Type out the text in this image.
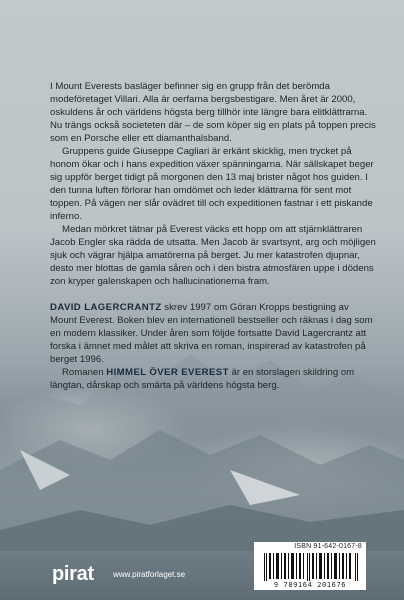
I Mount Everests basläger befinner sig en grupp från det berömda modeföretaget Villari. Alla är oerfarna bergsbestigare. Men året är 2000, oskuldens år och världens högsta berg tillhör inte längre bara elitklättrarna. Nu trängs också societeten där – de som köper sig en plats på toppen precis som en Porsche eller ett diamanthalsband.

Gruppens guide Giuseppe Cagliari är erkänt skicklig, men trycket på honom ökar och i hans expedition växer spänningarna. När sällskapet beger sig uppför berget tidigt på morgonen den 13 maj brister något hos guiden. I den tunna luften förlorar han omdömet och leder klättrarna för sent mot toppen. På vägen ner slår ovädret till och expeditionen fastnar i ett piskande inferno.

Medan mörkret tätnar på Everest väcks ett hopp om att stjärnklättraren Jacob Engler ska rädda de utsatta. Men Jacob är svartsynt, arg och möjligen sjuk och vägrar hjälpa amatörerna på berget. Ju mer katastrofen djupnar, desto mer blottas de gamla såren och i den bistra atmosfären uppe i dödens zon kryper galenskapen och hallucinationerna fram.

DAVID LAGERCRANTZ skrev 1997 om Göran Kropps bestigning av Mount Everest. Boken blev en internationell bestseller och räknas i dag som en modern klassiker. Under åren som följde fortsatte David Lagercrantz att forska i ämnet med målet att skriva en roman, inspirerad av katastrofen på berget 1996.

Romanen HIMMEL ÖVER EVEREST är en storslagen skildring om längtan, dårskap och smärta på världens högsta berg.

pirat www.piratforlaget.se
ISBN 91-642-0167-8
9 789164 201676
